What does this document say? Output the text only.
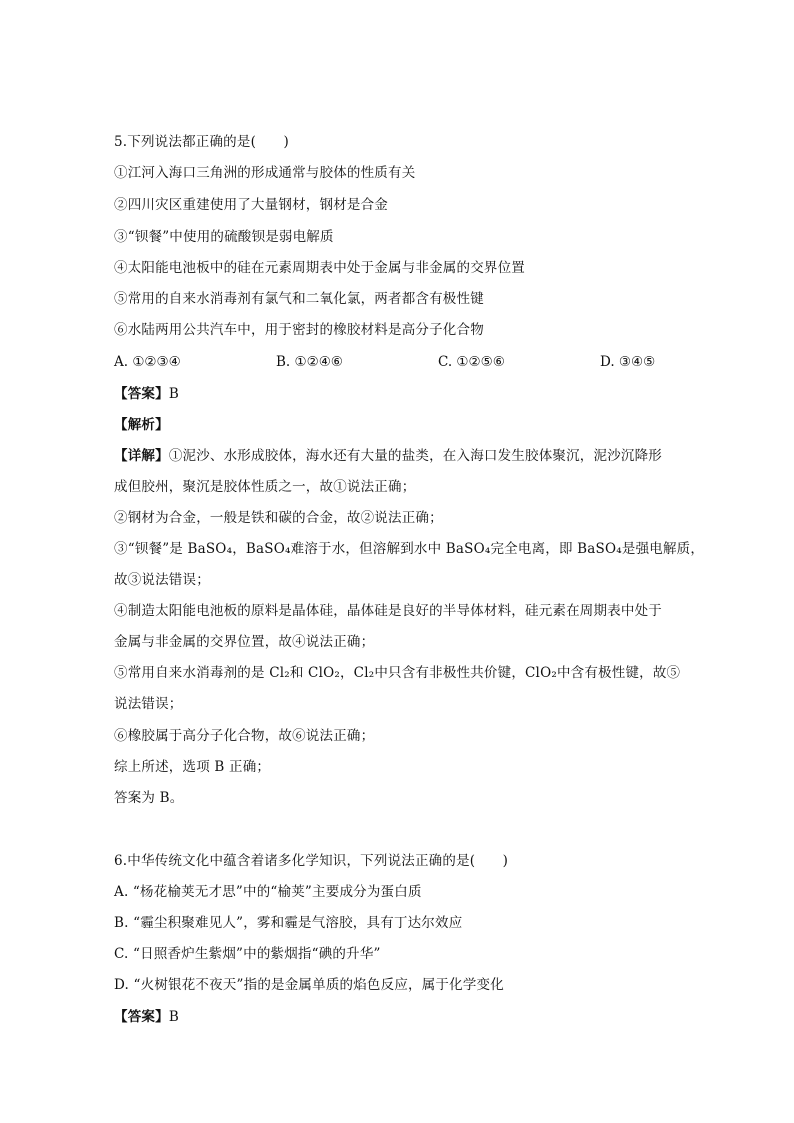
5.下列说法都正确的是(　　)
①江河入海口三角洲的形成通常与胶体的性质有关
②四川灾区重建使用了大量钢材，钢材是合金
③“钡餐”中使用的硫酸钡是弱电解质
④太阳能电池板中的硅在元素周期表中处于金属与非金属的交界位置
⑤常用的自来水消毒剂有氯气和二氧化氯，两者都含有极性键
⑥水陆两用公共汽车中，用于密封的橡胶材料是高分子化合物
A. ①②③④	B. ①②④⑥	C. ①②⑤⑥	D. ③④⑤
【答案】B
【解析】
【详解】①泥沙、水形成胶体，海水还有大量的盐类，在入海口发生胶体聚沉，泥沙沉降形
成但胶州，聚沉是胶体性质之一，故①说法正确；
②钢材为合金，一般是铁和碳的合金，故②说法正确；
③“钡餐”是 BaSO₄，BaSO₄难溶于水，但溶解到水中 BaSO₄完全电离，即 BaSO₄是强电解质，
故③说法错误；
④制造太阳能电池板的原料是晶体硅，晶体硅是良好的半导体材料，硅元素在周期表中处于
金属与非金属的交界位置，故④说法正确；
⑤常用自来水消毒剂的是 Cl₂和 ClO₂，Cl₂中只含有非极性共价键，ClO₂中含有极性键，故⑤
说法错误；
⑥橡胶属于高分子化合物，故⑥说法正确；
综上所述，选项 B 正确；
答案为 B。
6.中华传统文化中蕴含着诸多化学知识，下列说法正确的是(　　)
A. “杨花榆荚无才思”中的“榆荚”主要成分为蛋白质
B. “霾尘积聚难见人”，雾和霾是气溶胶，具有丁达尔效应
C. “日照香炉生紫烟”中的紫烟指“碘的升华”
D. “火树银花不夜天”指的是金属单质的焰色反应，属于化学变化
【答案】B
